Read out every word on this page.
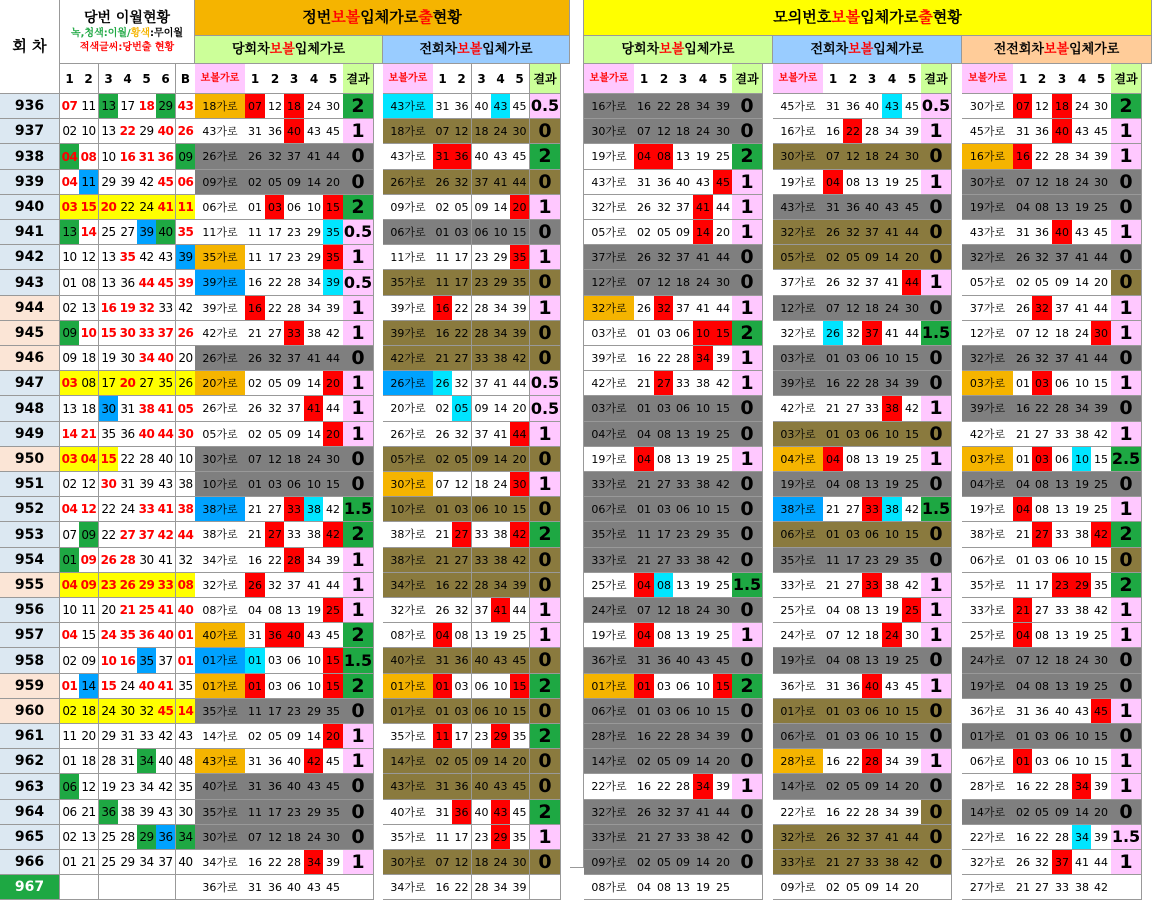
회 차
당번 이월현황
녹,청색:이월/황색:무이월
적색글씨:당번출 현황
정번 보볼 입체가로 출 현황	모의번호 보볼 입체가로 출 현황
당회차 보볼 입체가로	전회차 보볼 입체가로	당회차 보볼 입체가로	전회차 보볼 입체가로	전전회차 보볼 입체가로
1 2 3 4 5 6 B	보볼가로 1 2 3 4 5 결과	보볼가로 1 2 3 4 5 결과	보볼가로 1 2 3 4 5 결과	보볼가로 1 2 3 4 5 결과	보볼가로	1 2 3 4 5 결과
936	07 11 13 17 18 29 43 18가로 07 12 18 24 30 2	43가로 31 36 40 43 45 0.5	16가로 16 22 28 34 39 0	45가로 31 36 40 43 45 0.5	30가로 07 12 18 24 30 2
937	02 10 13 22 29 40 26 43가로 31 36 40 43 45 1	18가로 07 12 18 24 30 0	30가로 07 12 18 24 30 0	16가로 16 22 28 34 39 1	45가로 31 36 40 43 45 1
938	04 08 10 16 31 36 09 26가로 26 32 37 41 44 0	43가로 31 36 40 43 45 2	19가로 04 08 13 19 25 2	30가로 07 12 18 24 30 0	16가로 16 22 28 34 39 1
939	04 11 29 39 42 45 06 09가로 02 05 09 14 20 0	26가로 26 32 37 41 44 0	43가로 31 36 40 43 45 1	19가로 04 08 13 19 25 1	30가로 07 12 18 24 30 0
940	03 15 20 22 24 41 11 06가로 01 03 06 10 15 2	09가로 02 05 09 14 20 1	32가로 26 32 37 41 44 1	43가로 31 36 40 43 45 0	19가로 04 08 13 19 25 0
941	13 14 25 27 39 40 35 11가로 11 17 23 29 35 0.5	06가로 01 03 06 10 15 0	05가로 02 05 09 14 20 1	32가로 26 32 37 41 44 0	43가로 31 36 40 43 45 1
942	10 12 13 35 42 43 39 35가로 11 17 23 29 35 1	11가로 11 17 23 29 35 1	37가로 26 32 37 41 44 0	05가로 02 05 09 14 20 0	32가로 26 32 37 41 44 0
943	01 08 13 36 44 45 39 39가로 16 22 28 34 39 0.5	35가로 11 17 23 29 35 0	12가로 07 12 18 24 30 0	37가로 26 32 37 41 44 1	05가로 02 05 09 14 20 0
944	02 13 16 19 32 33 42 39가로 16 22 28 34 39 1	39가로 16 22 28 34 39 1	32가로 26 32 37 41 44 1	12가로 07 12 18 24 30 0	37가로 26 32 37 41 44 1
945	09 10 15 30 33 37 26 42가로 21 27 33 38 42 1	39가로 16 22 28 34 39 0	03가로 01 03 06 10 15 2	32가로 26 32 37 41 44 1.5	12가로 07 12 18 24 30 1
946	09 18 19 30 34 40 20 26가로 26 32 37 41 44 0	42가로 21 27 33 38 42 0	39가로 16 22 28 34 39 1	03가로 01 03 06 10 15 0	32가로 26 32 37 41 44 0
947	03 08 17 20 27 35 26 20가로 02 05 09 14 20 1	26가로 26 32 37 41 44 0.5	42가로 21 27 33 38 42 1	39가로 16 22 28 34 39 0	03가로 01 03 06 10 15 1
948	13 18 30 31 38 41 05 26가로 26 32 37 41 44 1	20가로 02 05 09 14 20 0.5	03가로 01 03 06 10 15 0	42가로 21 27 33 38 42 1	39가로 16 22 28 34 39 0
949	14 21 35 36 40 44 30 05가로 02 05 09 14 20 1	26가로 26 32 37 41 44 1	04가로 04 08 13 19 25 0	03가로 01 03 06 10 15 0	42가로 21 27 33 38 42 1
950	03 04 15 22 28 40 10 30가로 07 12 18 24 30 0	05가로 02 05 09 14 20 0	19가로 04 08 13 19 25 1	04가로 04 08 13 19 25 1	03가로 01 03 06 10 15 2.5
951	02 12 30 31 39 43 38 10가로 01 03 06 10 15 0	30가로 07 12 18 24 30 1	33가로 21 27 33 38 42 0	19가로 04 08 13 19 25 0	04가로 04 08 13 19 25 0
952	04 12 22 24 33 41 38 38가로 21 27 33 38 42 1.5	10가로 01 03 06 10 15 0	06가로 01 03 06 10 15 0	38가로 21 27 33 38 42 1.5	19가로 04 08 13 19 25 1
953	07 09 22 27 37 42 44 38가로 21 27 33 38 42 2	38가로 21 27 33 38 42 2	35가로 11 17 23 29 35 0	06가로 01 03 06 10 15 0	38가로 21 27 33 38 42 2
954	01 09 26 28 30 41 32 34가로 16 22 28 34 39 1	38가로 21 27 33 38 42 0	33가로 21 27 33 38 42 0	35가로 11 17 23 29 35 0	06가로 01 03 06 10 15 0
955	04 09 23 26 29 33 08 32가로 26 32 37 41 44 1	34가로 16 22 28 34 39 0	25가로 04 08 13 19 25 1.5	33가로 21 27 33 38 42 1	35가로 11 17 23 29 35 2
956	10 11 20 21 25 41 40 08가로 04 08 13 19 25 1	32가로 26 32 37 41 44 1	24가로 07 12 18 24 30 0	25가로 04 08 13 19 25 1	33가로 21 27 33 38 42 1
957	04 15 24 35 36 40 01 40가로 31 36 40 43 45 2	08가로 04 08 13 19 25 1	19가로 04 08 13 19 25 1	24가로 07 12 18 24 30 1	25가로 04 08 13 19 25 1
958	02 09 10 16 35 37 01 01가로 01 03 06 10 15 1.5	40가로 31 36 40 43 45 0	36가로 31 36 40 43 45 0	19가로 04 08 13 19 25 0	24가로 07 12 18 24 30 0
959	01 14 15 24 40 41 35 01가로 01 03 06 10 15 2	01가로 01 03 06 10 15 2	01가로 01 03 06 10 15 2	36가로 31 36 40 43 45 1	19가로 04 08 13 19 25 0
960	02 18 24 30 32 45 14 35가로 11 17 23 29 35 0	01가로 01 03 06 10 15 0	06가로 01 03 06 10 15 0	01가로 01 03 06 10 15 0	36가로 31 36 40 43 45 1
961	11 20 29 31 33 42 43 14가로 02 05 09 14 20 1	35가로 11 17 23 29 35 2	28가로 16 22 28 34 39 0	06가로 01 03 06 10 15 0	01가로 01 03 06 10 15 0
962	01 18 28 31 34 40 48 43가로 31 36 40 42 45 1	14가로 02 05 09 14 20 0	14가로 02 05 09 14 20 0	28가로 16 22 28 34 39 1	06가로 01 03 06 10 15 1
963	06 12 19 23 34 42 35 40가로 31 36 40 43 45 0	43가로 31 36 40 43 45 0	22가로 16 22 28 34 39 1	14가로 02 05 09 14 20 0	28가로 16 22 28 34 39 1
964	06 21 36 38 39 43 30 35가로 11 17 23 29 35 0	40가로 31 36 40 43 45 2	32가로 26 32 37 41 44 0	22가로 16 22 28 34 39 0	14가로 02 05 09 14 20 0
965	02 13 25 28 29 36 34 30가로 07 12 18 24 30 0	35가로 11 17 23 29 35 1	33가로 21 27 33 38 42 0	32가로 26 32 37 41 44 0	22가로 16 22 28 34 39 1.5
966	01 21 25 29 34 37 40 34가로 16 22 28 34 39 1	30가로 07 12 18 24 30 0	09가로 02 05 09 14 20 0	33가로 21 27 33 38 42 0	32가로 26 32 37 41 44 1
967	36가로 31 36 40 43 45	34가로 16 22 28 34 39	08가로 04 08 13 19 25	09가로 02 05 09 14 20	27가로 21 27 33 38 42
